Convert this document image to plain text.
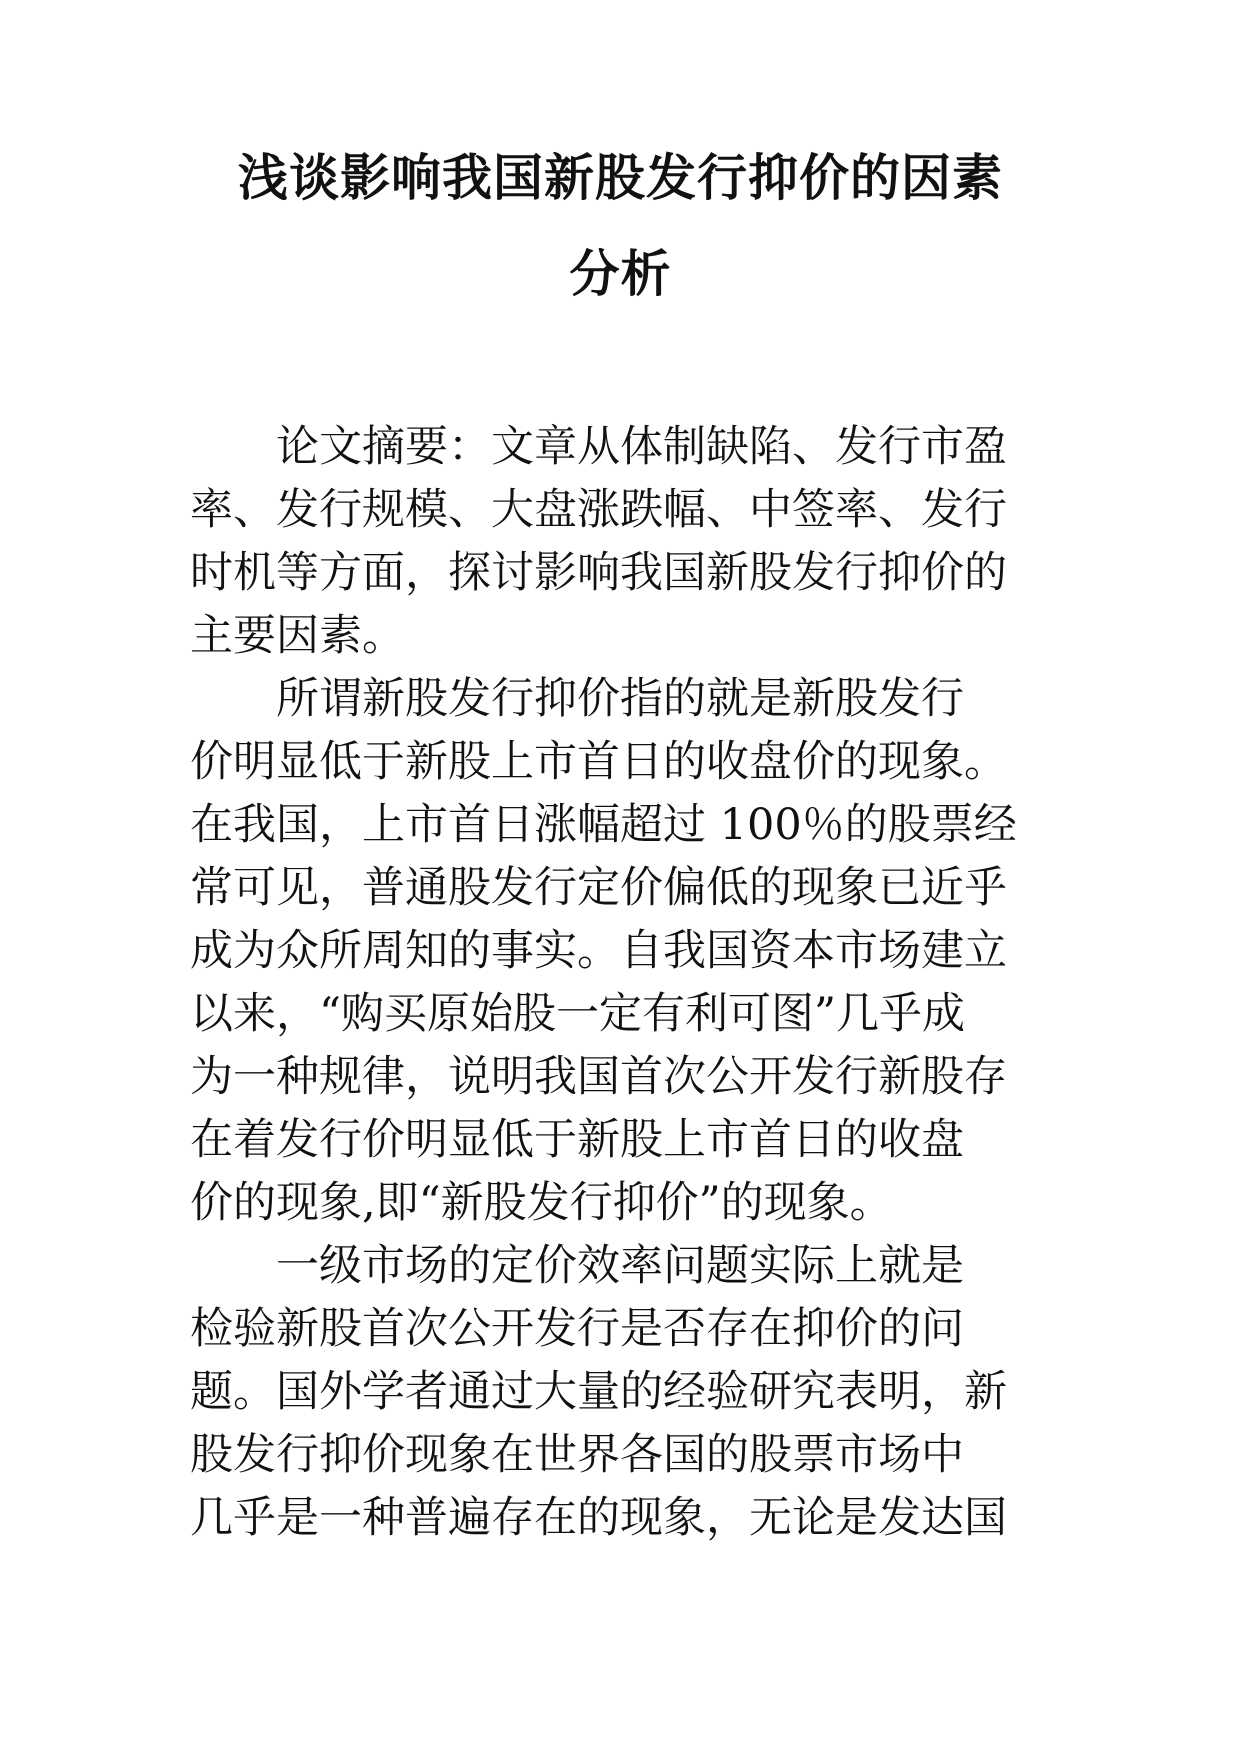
浅谈影响我国新股发行抑价的因素
分析
论文摘要：文章从体制缺陷、发行市盈
率、发行规模、大盘涨跌幅、中签率、发行
时机等方面，探讨影响我国新股发行抑价的
主要因素。
所谓新股发行抑价指的就是新股发行
价明显低于新股上市首日的收盘价的现象。
在我国，上市首日涨幅超过 100％的股票经
常可见，普通股发行定价偏低的现象已近乎
成为众所周知的事实。自我国资本市场建立
以来，“购买原始股一定有利可图”几乎成
为一种规律，说明我国首次公开发行新股存
在着发行价明显低于新股上市首日的收盘
价的现象,即“新股发行抑价”的现象。
一级市场的定价效率问题实际上就是
检验新股首次公开发行是否存在抑价的问
题。国外学者通过大量的经验研究表明，新
股发行抑价现象在世界各国的股票市场中
几乎是一种普遍存在的现象，无论是发达国
